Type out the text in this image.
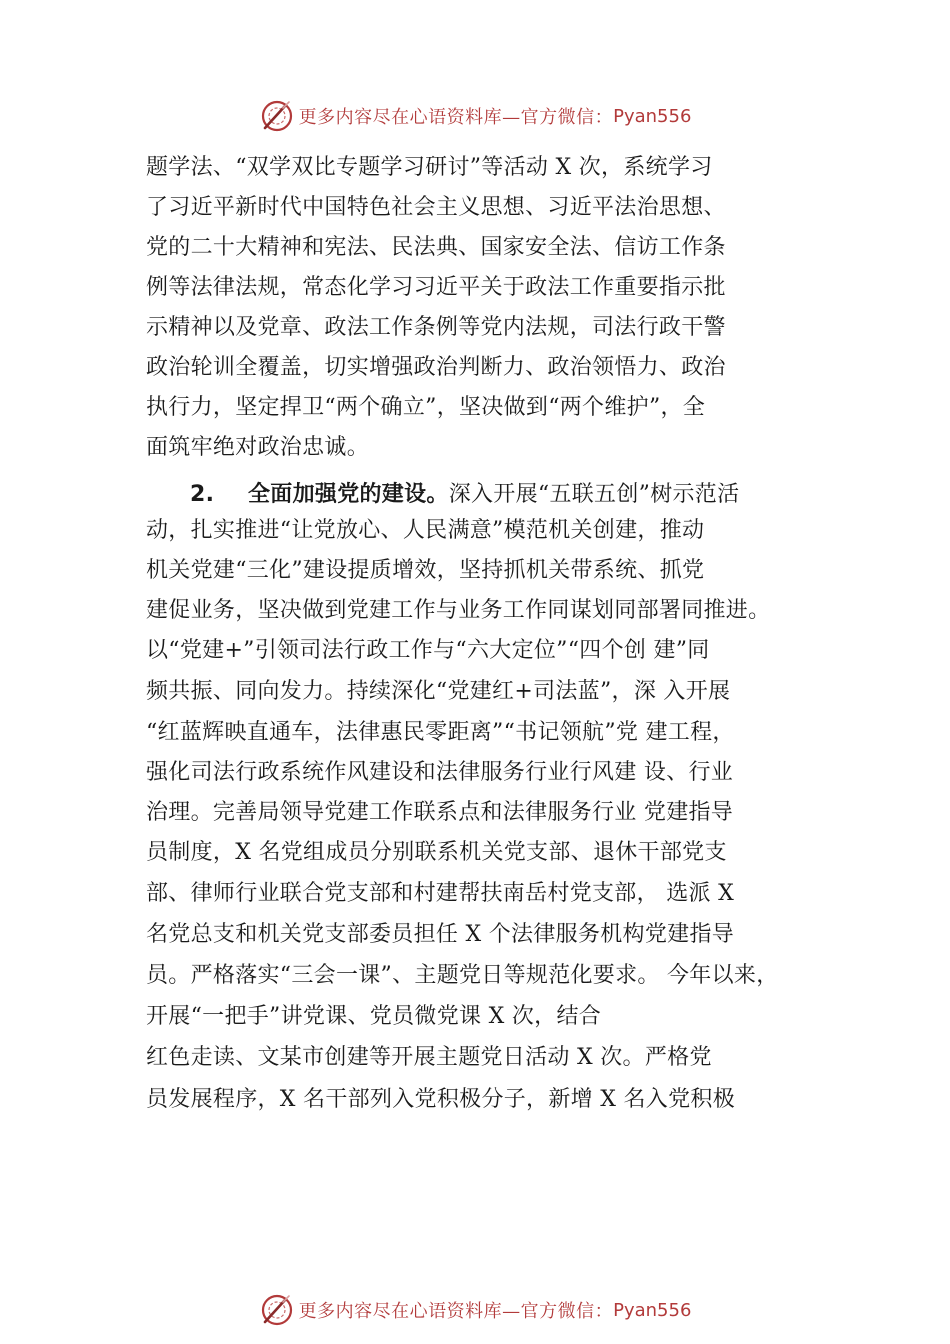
更多内容尽在心语资料库—官方微信： Pyan556
题学法、“双学双比专题学习研讨”等活动 X 次，系统学习
了习近平新时代中国特色社会主义思想、习近平法治思想、
党的二十大精神和宪法、民法典、国家安全法、信访工作条
例等法律法规，常态化学习习近平关于政法工作重要指示批
示精神以及党章、政法工作条例等党内法规，司法行政干警
政治轮训全覆盖，切实增强政治判断力、政治领悟力、政治
执行力，坚定捍卫“两个确立”，坚决做到“两个维护”，全
面筑牢绝对政治忠诚。
2. 全面加强党的建设。深入开展“五联五创”树示范活
动，扎实推进“让党放心、人民满意”模范机关创建，推动
机关党建“三化”建设提质增效，坚持抓机关带系统、抓党
建促业务，坚决做到党建工作与业务工作同谋划同部署同推进。
以“党建+”引领司法行政工作与“六大定位”“四个创 建”同
频共振、同向发力。持续深化“党建红+司法蓝”，深 入开展
“红蓝辉映直通车，法律惠民零距离”“书记领航”党 建工程，
强化司法行政系统作风建设和法律服务行业行风建 设、行业
治理。完善局领导党建工作联系点和法律服务行业 党建指导
员制度，X 名党组成员分别联系机关党支部、退休干部党支
部、律师行业联合党支部和村建帮扶南岳村党支部， 选派 X
名党总支和机关党支部委员担任 X 个法律服务机构党建指导
员。严格落实“三会一课”、主题党日等规范化要求。 今年以来，
开展“一把手”讲党课、党员微党课 X 次，结合
红色走读、文某市创建等开展主题党日活动 X 次。严格党
员发展程序，X 名干部列入党积极分子，新增 X 名入党积极
更多内容尽在心语资料库—官方微信： Pyan556
